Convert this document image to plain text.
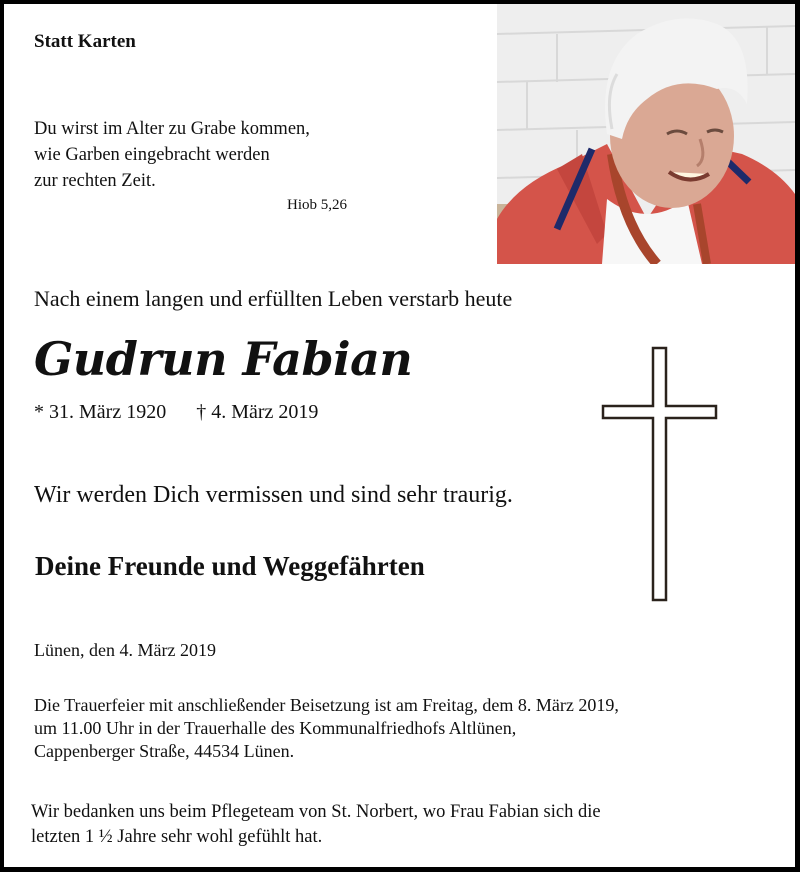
Statt Karten
Du wirst im Alter zu Grabe kommen,
wie Garben eingebracht werden
zur rechten Zeit.
Hiob 5,26
Nach einem langen und erfüllten Leben verstarb heute
Gudrun Fabian
* 31. März 1920 † 4. März 2019
Wir werden Dich vermissen und sind sehr traurig.
Deine Freunde und Weggefährten
Lünen, den 4. März 2019
Die Trauerfeier mit anschließender Beisetzung ist am Freitag, dem 8. März 2019,
um 11.00 Uhr in der Trauerhalle des Kommunalfriedhofs Altlünen,
Cappenberger Straße, 44534 Lünen.
Wir bedanken uns beim Pflegeteam von St. Norbert, wo Frau Fabian sich die
letzten 1 ½ Jahre sehr wohl gefühlt hat.
